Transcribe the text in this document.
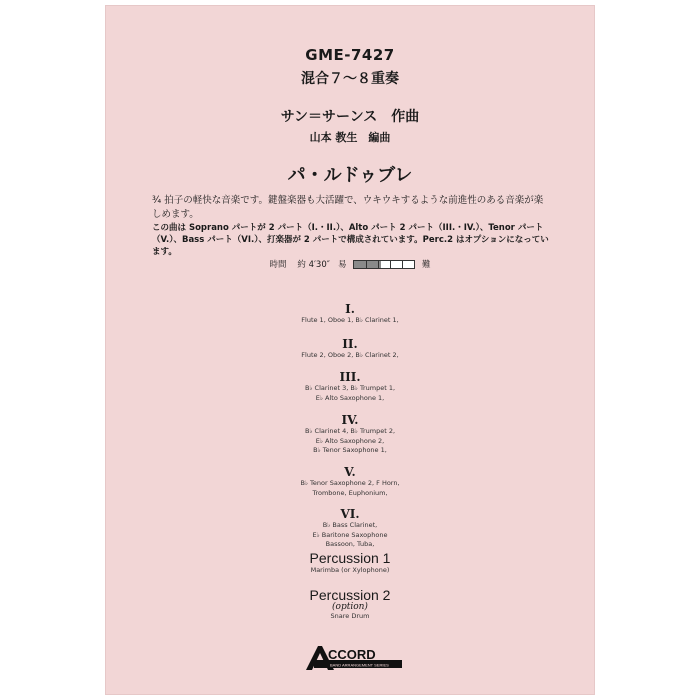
GME-7427
混合７〜８重奏
サン＝サーンス　作曲
山本 教生　編曲
パ・ルドゥブレ
¾ 拍子の軽快な音楽です。鍵盤楽器も大活躍で、ウキウキするような前進性のある音楽が楽しめます。
この曲は Soprano パートが 2 パート（I.・II.）、Alto パート 2 パート（III.・IV.）、Tenor パート（V.）、Bass パート（VI.）、打楽器が 2 パートで構成されています。Perc.2 はオプションになっています。
時間 約 4′30″ 易	難
I.
Flute 1, Oboe 1, B♭ Clarinet 1,
II.
Flute 2, Oboe 2, B♭ Clarinet 2,
III.
B♭ Clarinet 3, B♭ Trumpet 1,
E♭ Alto Saxophone 1,
IV.
B♭ Clarinet 4, B♭ Trumpet 2,
E♭ Alto Saxophone 2,
B♭ Tenor Saxophone 1,
V.
B♭ Tenor Saxophone 2, F Horn,
Trombone, Euphonium,
VI.
B♭ Bass Clarinet,
E♭ Baritone Saxophone
Bassoon, Tuba,
Percussion 1
Marimba (or Xylophone)
Percussion 2
(option)
Snare Drum
CCORD
BAND ARRANGEMENT SERIES
